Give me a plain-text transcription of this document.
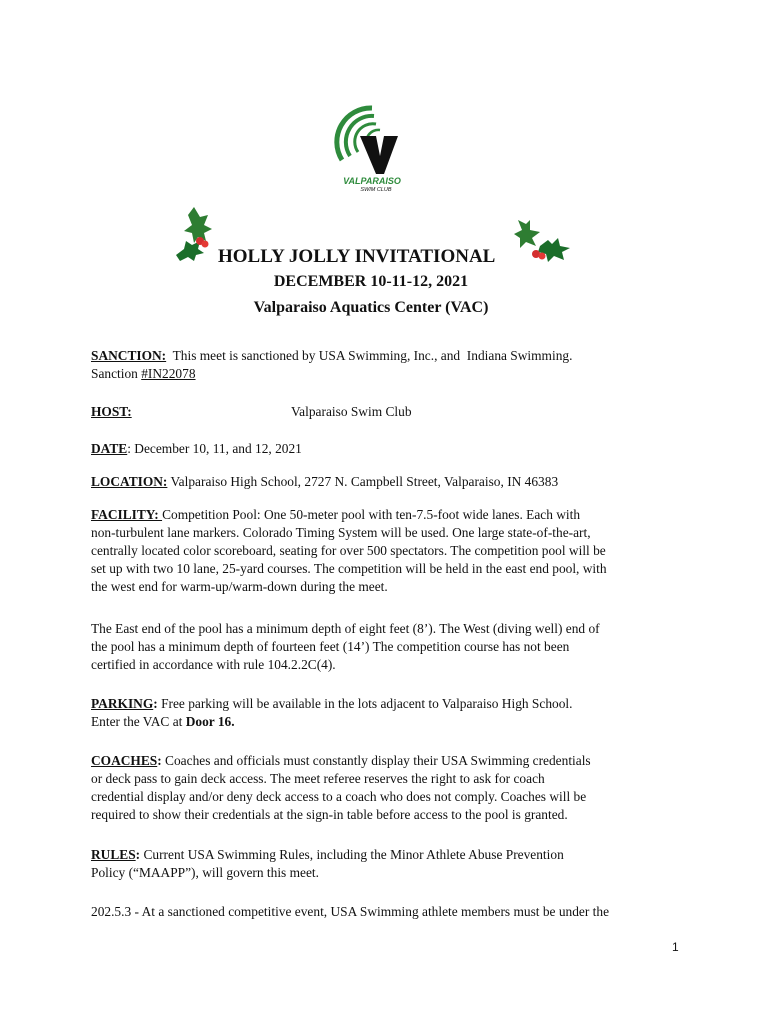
VALPARAISO
SWIM CLUB
HOLLY JOLLY INVITATIONAL
DECEMBER 10-11-12, 2021
Valparaiso Aquatics Center (VAC)

SANCTION:  This meet is sanctioned by USA Swimming, Inc., and  Indiana Swimming.
Sanction #IN22078

HOST:	Valparaiso Swim Club

DATE: December 10, 11, and 12, 2021

LOCATION: Valparaiso High School, 2727 N. Campbell Street, Valparaiso, IN 46383

FACILITY: Competition Pool: One 50-meter pool with ten-7.5-foot wide lanes. Each with
non-turbulent lane markers. Colorado Timing System will be used. One large state-of-the-art,
centrally located color scoreboard, seating for over 500 spectators. The competition pool will be
set up with two 10 lane, 25-yard courses. The competition will be held in the east end pool, with
the west end for warm-up/warm-down during the meet.

The East end of the pool has a minimum depth of eight feet (8’). The West (diving well) end of
the pool has a minimum depth of fourteen feet (14’) The competition course has not been
certified in accordance with rule 104.2.2C(4).

PARKING: Free parking will be available in the lots adjacent to Valparaiso High School.
Enter the VAC at Door 16.

COACHES: Coaches and officials must constantly display their USA Swimming credentials
or deck pass to gain deck access. The meet referee reserves the right to ask for coach
credential display and/or deny deck access to a coach who does not comply. Coaches will be
required to show their credentials at the sign-in table before access to the pool is granted.

RULES: Current USA Swimming Rules, including the Minor Athlete Abuse Prevention
Policy (“MAAPP”), will govern this meet.

202.5.3 - At a sanctioned competitive event, USA Swimming athlete members must be under the

1
